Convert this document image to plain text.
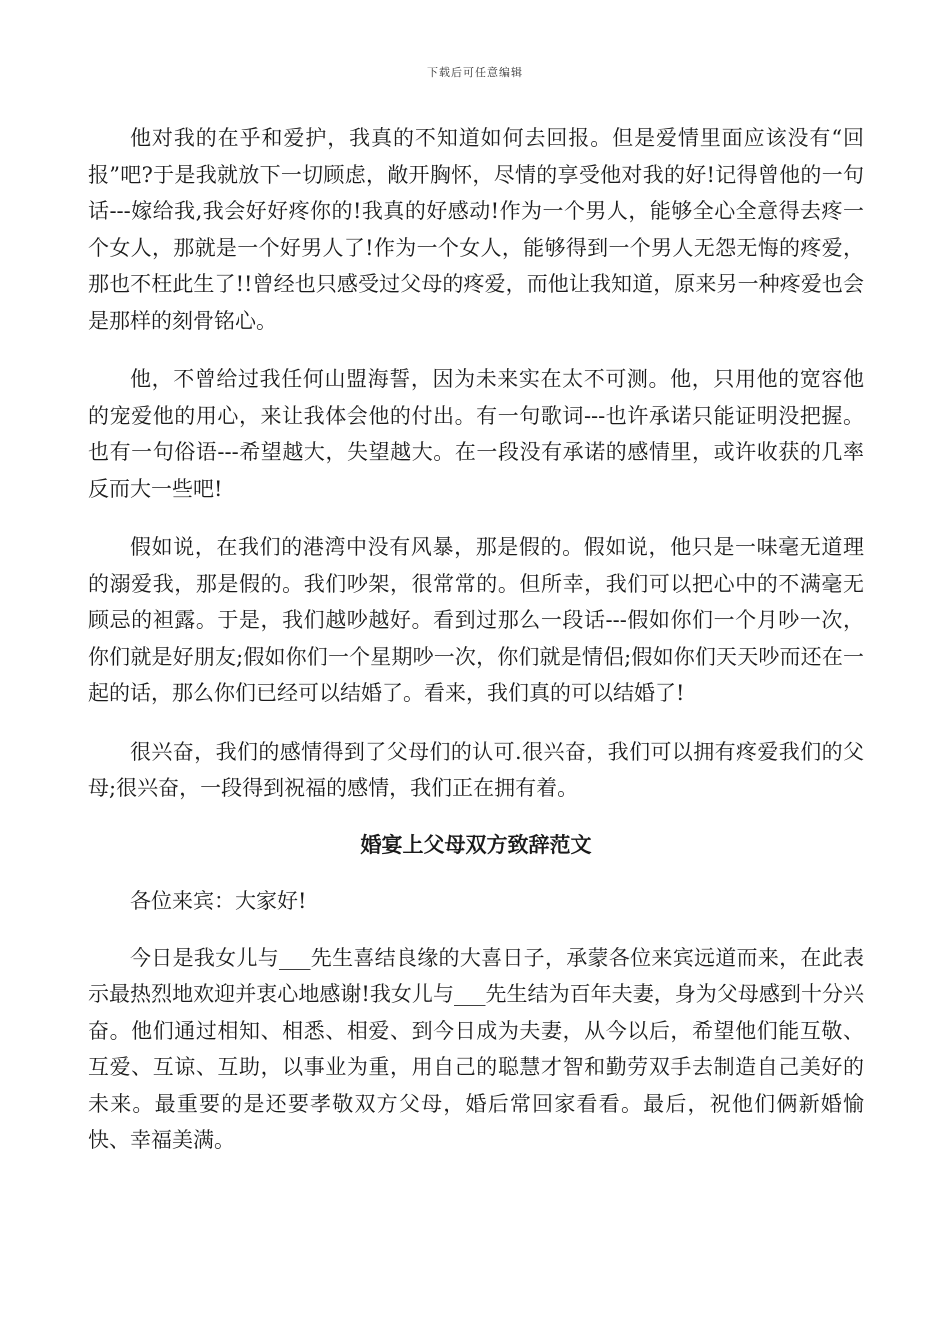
下载后可任意编辑

他对我的在乎和爱护，我真的不知道如何去回报。但是爱情里面应该没有“回报”吧?于是我就放下一切顾虑，敞开胸怀，尽情的享受他对我的好!记得曾他的一句话---嫁给我,我会好好疼你的!我真的好感动!作为一个男人，能够全心全意得去疼一个女人，那就是一个好男人了!作为一个女人，能够得到一个男人无怨无悔的疼爱，那也不枉此生了!!曾经也只感受过父母的疼爱，而他让我知道，原来另一种疼爱也会是那样的刻骨铭心。

他，不曾给过我任何山盟海誓，因为未来实在太不可测。他，只用他的宽容他的宠爱他的用心，来让我体会他的付出。有一句歌词---也许承诺只能证明没把握。也有一句俗语---希望越大，失望越大。在一段没有承诺的感情里，或许收获的几率反而大一些吧!

假如说，在我们的港湾中没有风暴，那是假的。假如说，他只是一味毫无道理的溺爱我，那是假的。我们吵架，很常常的。但所幸，我们可以把心中的不满毫无顾忌的袒露。于是，我们越吵越好。看到过那么一段话---假如你们一个月吵一次，你们就是好朋友;假如你们一个星期吵一次，你们就是情侣;假如你们天天吵而还在一起的话，那么你们已经可以结婚了。看来，我们真的可以结婚了!

很兴奋，我们的感情得到了父母们的认可.很兴奋，我们可以拥有疼爱我们的父母;很兴奋，一段得到祝福的感情，我们正在拥有着。

婚宴上父母双方致辞范文

各位来宾：大家好!

今日是我女儿与___先生喜结良缘的大喜日子，承蒙各位来宾远道而来，在此表示最热烈地欢迎并衷心地感谢!我女儿与___先生结为百年夫妻，身为父母感到十分兴奋。他们通过相知、相悉、相爱、到今日成为夫妻，从今以后，希望他们能互敬、互爱、互谅、互助，以事业为重，用自己的聪慧才智和勤劳双手去制造自己美好的未来。最重要的是还要孝敬双方父母，婚后常回家看看。最后，祝他们俩新婚愉快、幸福美满。
